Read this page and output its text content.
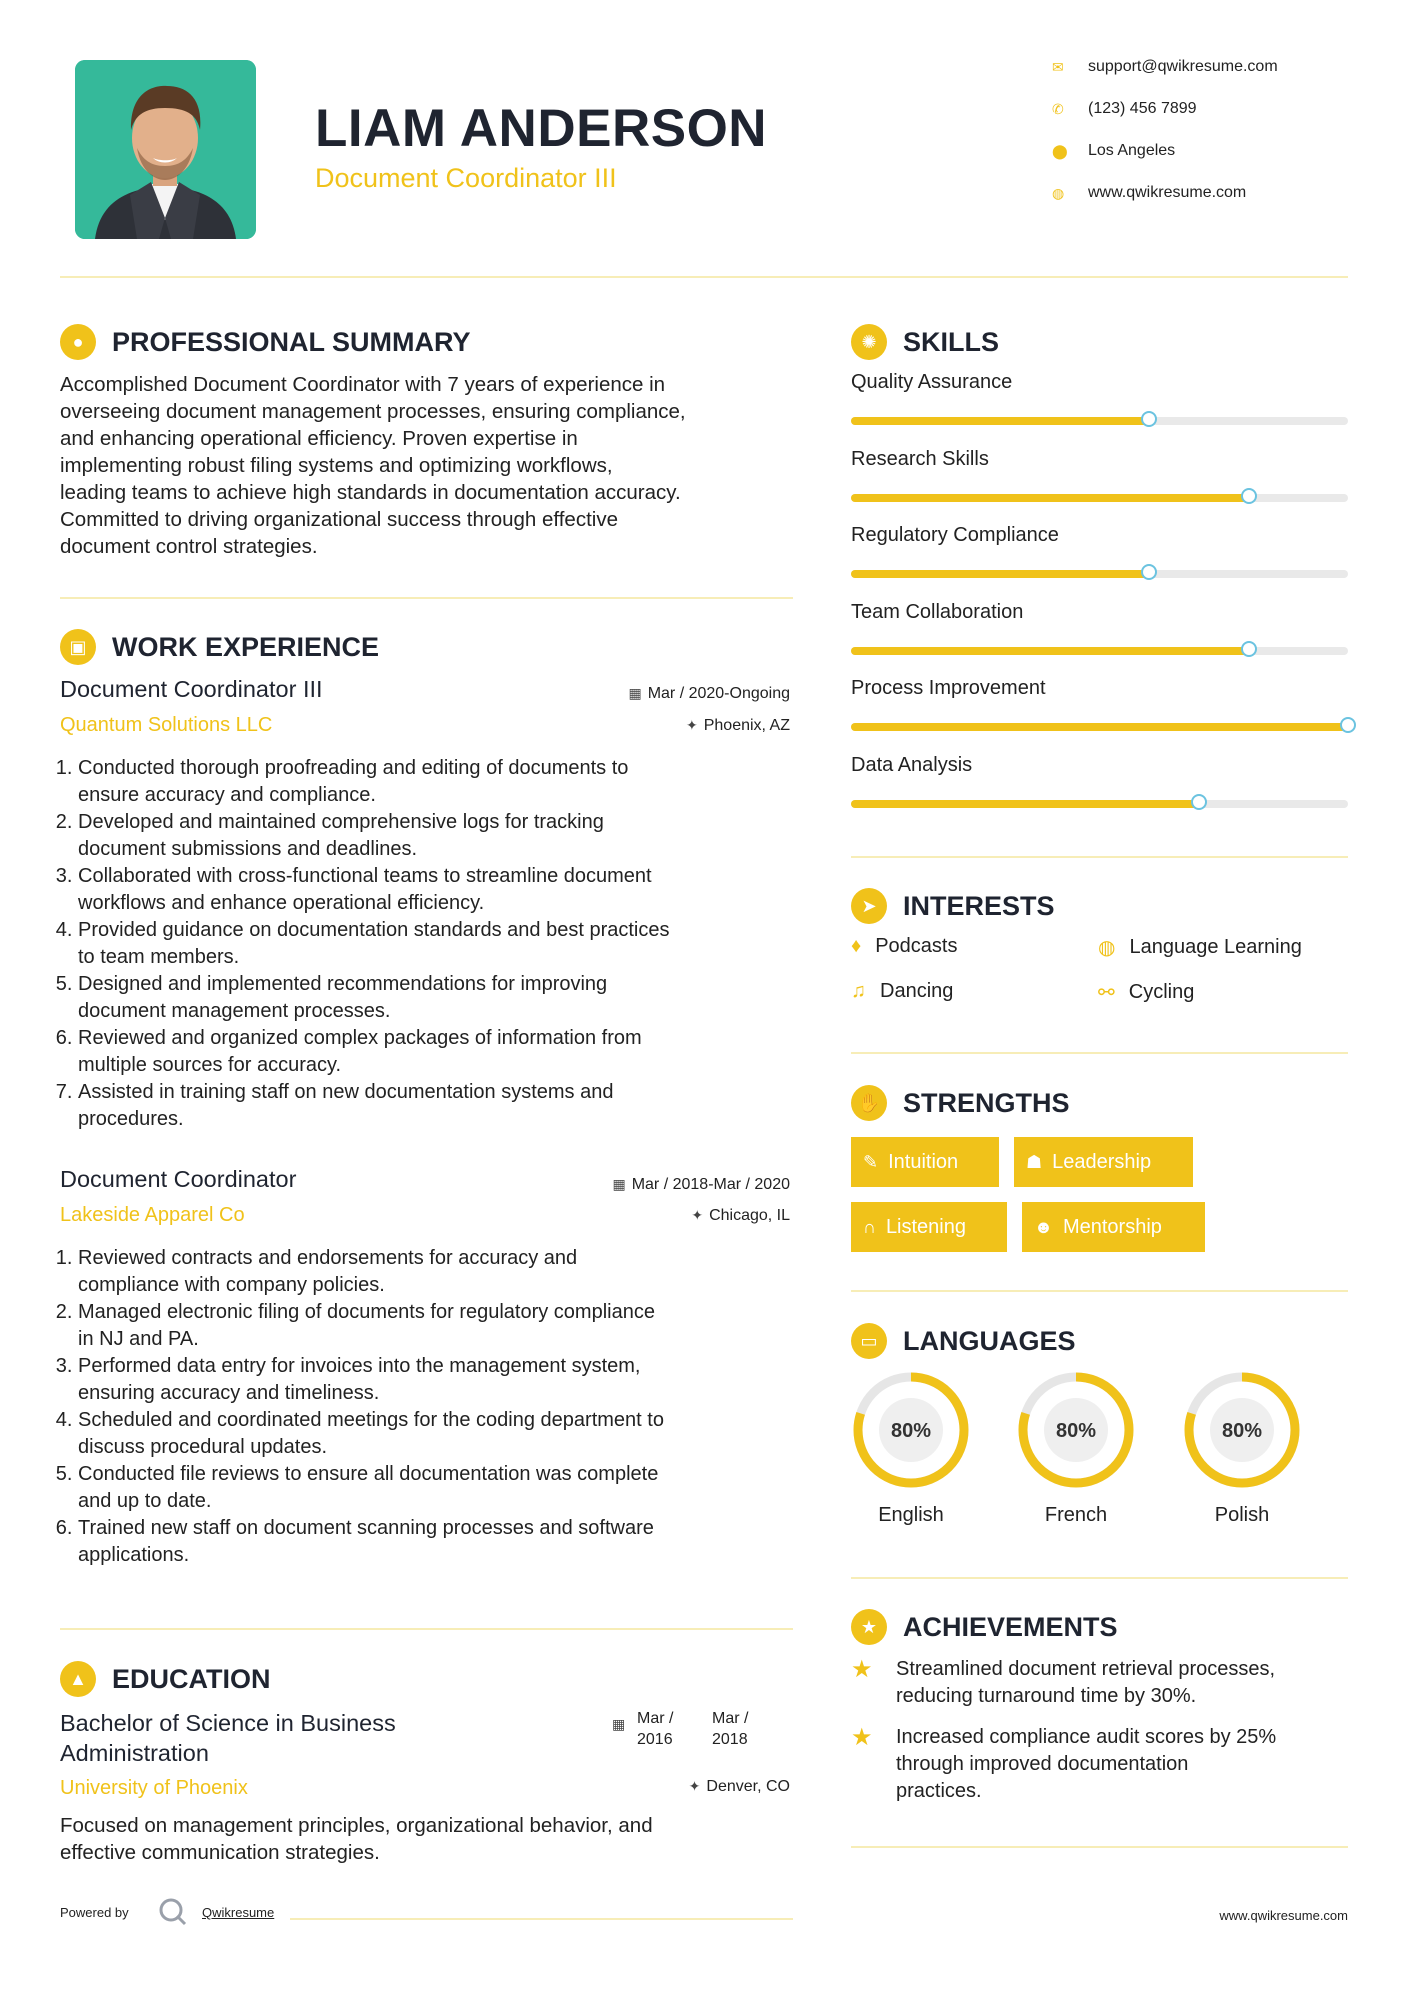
LIAM ANDERSON
Document Coordinator III
✉	support@qwikresume.com
✆	(123) 456 7899
⬤	Los Angeles
◍	www.qwikresume.com
●	PROFESSIONAL SUMMARY
Accomplished Document Coordinator with 7 years of experience in
overseeing document management processes, ensuring compliance,
and enhancing operational efficiency. Proven expertise in
implementing robust filing systems and optimizing workflows,
leading teams to achieve high standards in documentation accuracy.
Committed to driving organizational success through effective
document control strategies.
▣ WORK EXPERIENCE
Document Coordinator III	▦ Mar / 2020-Ongoing
Quantum Solutions LLC	✦ Phoenix, AZ
1. Conducted thorough proofreading and editing of documents to
ensure accuracy and compliance.
2. Developed and maintained comprehensive logs for tracking
document submissions and deadlines.
3. Collaborated with cross-functional teams to streamline document
workflows and enhance operational efficiency.
4. Provided guidance on documentation standards and best practices
to team members.
5. Designed and implemented recommendations for improving
document management processes.
6. Reviewed and organized complex packages of information from
multiple sources for accuracy.
7. Assisted in training staff on new documentation systems and
procedures.
Document Coordinator	▦ Mar / 2018-Mar / 2020
Lakeside Apparel Co	✦ Chicago, IL
1. Reviewed contracts and endorsements for accuracy and
compliance with company policies.
2. Managed electronic filing of documents for regulatory compliance
in NJ and PA.
3. Performed data entry for invoices into the management system,
ensuring accuracy and timeliness.
4. Scheduled and coordinated meetings for the coding department to
discuss procedural updates.
5. Conducted file reviews to ensure all documentation was complete
and up to date.
6. Trained new staff on document scanning processes and software
applications.
▲ EDUCATION
Bachelor of Science in Business
Administration
▦ Mar /
2016
Mar /
2018
University of Phoenix	✦ Denver, CO
Focused on management principles, organizational behavior, and
effective communication strategies.
Powered by	Qwikresume
✺ SKILLS
Quality Assurance
Research Skills
Regulatory Compliance
Team Collaboration
Process Improvement
Data Analysis
➤ INTERESTS
♦ Podcasts	◍ Language Learning
♫ Dancing	⚯ Cycling
✋ STRENGTHS
✎ Intuition	☗ Leadership
∩ Listening	☻ Mentorship
▭ LANGUAGES
80%
English
80%
French
80%
Polish
★ ACHIEVEMENTS
★	Streamlined document retrieval processes,
reducing turnaround time by 30%.
★	Increased compliance audit scores by 25%
through improved documentation
practices.
www.qwikresume.com
